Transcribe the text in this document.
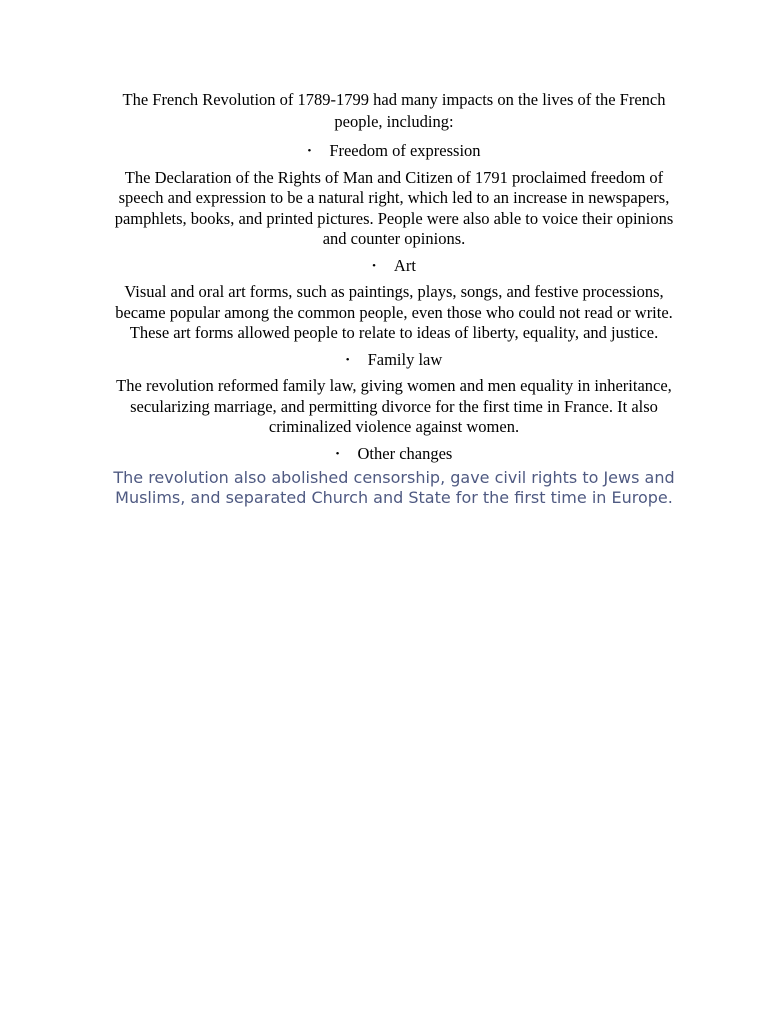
The French Revolution of 1789-1799 had many impacts on the lives of the French people, including:

• Freedom of expression

The Declaration of the Rights of Man and Citizen of 1791 proclaimed freedom of speech and expression to be a natural right, which led to an increase in newspapers, pamphlets, books, and printed pictures. People were also able to voice their opinions and counter opinions.

• Art

Visual and oral art forms, such as paintings, plays, songs, and festive processions, became popular among the common people, even those who could not read or write. These art forms allowed people to relate to ideas of liberty, equality, and justice.

• Family law

The revolution reformed family law, giving women and men equality in inheritance, secularizing marriage, and permitting divorce for the first time in France. It also criminalized violence against women.

• Other changes

The revolution also abolished censorship, gave civil rights to Jews and Muslims, and separated Church and State for the first time in Europe.
